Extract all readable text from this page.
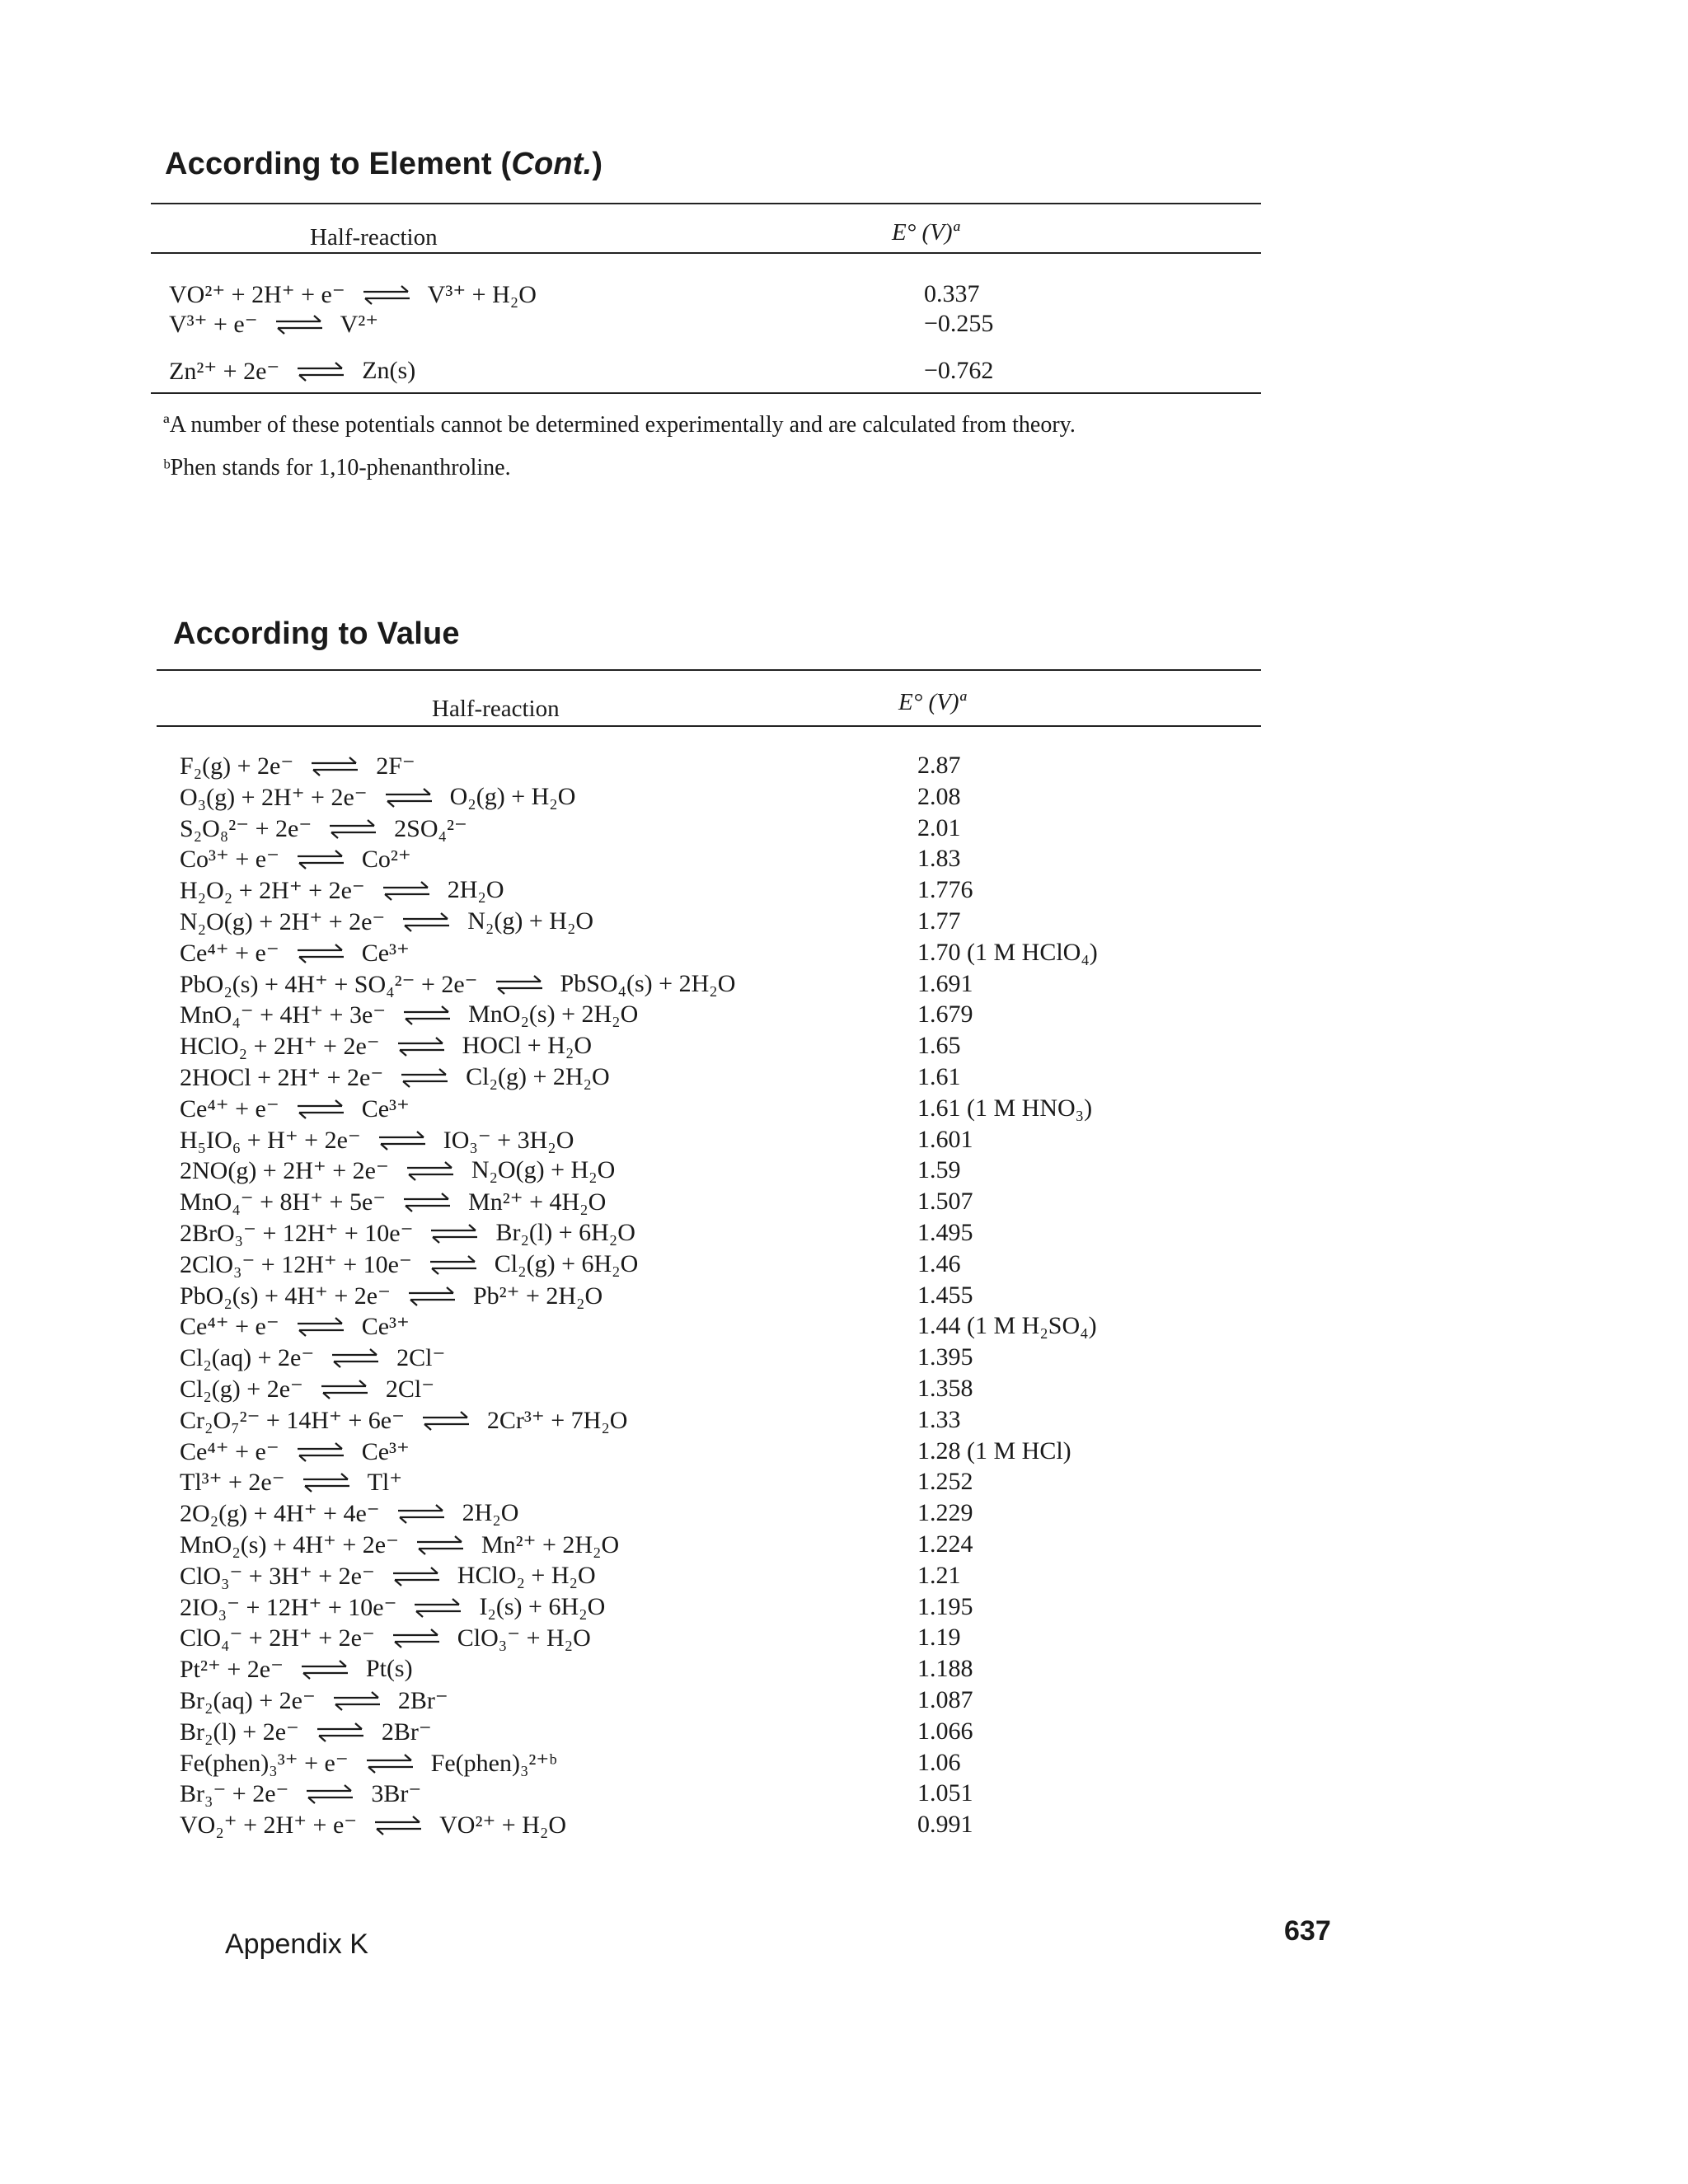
According to Element (Cont.)
Half-reaction	E° (V)ª
VO²⁺ + 2H⁺ + e⁻ ⇌ V³⁺ + H₂O	0.337
V³⁺ + e⁻ ⇌ V²⁺	−0.255
Zn²⁺ + 2e⁻ ⇌ Zn(s)	−0.762
ªA number of these potentials cannot be determined experimentally and are calculated from theory.
ᵇPhen stands for 1,10-phenanthroline.
According to Value
Half-reaction	E° (V)ª
F₂(g) + 2e⁻ ⇌ 2F⁻	2.87
O₃(g) + 2H⁺ + 2e⁻ ⇌ O₂(g) + H₂O	2.08
S₂O₈²⁻ + 2e⁻ ⇌ 2SO₄²⁻	2.01
Co³⁺ + e⁻ ⇌ Co²⁺	1.83
H₂O₂ + 2H⁺ + 2e⁻ ⇌ 2H₂O	1.776
N₂O(g) + 2H⁺ + 2e⁻ ⇌ N₂(g) + H₂O	1.77
Ce⁴⁺ + e⁻ ⇌ Ce³⁺	1.70 (1 M HClO₄)
PbO₂(s) + 4H⁺ + SO₄²⁻ + 2e⁻ ⇌ PbSO₄(s) + 2H₂O	1.691
MnO₄⁻ + 4H⁺ + 3e⁻ ⇌ MnO₂(s) + 2H₂O	1.679
HClO₂ + 2H⁺ + 2e⁻ ⇌ HOCl + H₂O	1.65
2HOCl + 2H⁺ + 2e⁻ ⇌ Cl₂(g) + 2H₂O	1.61
Ce⁴⁺ + e⁻ ⇌ Ce³⁺	1.61 (1 M HNO₃)
H₅IO₆ + H⁺ + 2e⁻ ⇌ IO₃⁻ + 3H₂O	1.601
2NO(g) + 2H⁺ + 2e⁻ ⇌ N₂O(g) + H₂O	1.59
MnO₄⁻ + 8H⁺ + 5e⁻ ⇌ Mn²⁺ + 4H₂O	1.507
2BrO₃⁻ + 12H⁺ + 10e⁻ ⇌ Br₂(l) + 6H₂O	1.495
2ClO₃⁻ + 12H⁺ + 10e⁻ ⇌ Cl₂(g) + 6H₂O	1.46
PbO₂(s) + 4H⁺ + 2e⁻ ⇌ Pb²⁺ + 2H₂O	1.455
Ce⁴⁺ + e⁻ ⇌ Ce³⁺	1.44 (1 M H₂SO₄)
Cl₂(aq) + 2e⁻ ⇌ 2Cl⁻	1.395
Cl₂(g) + 2e⁻ ⇌ 2Cl⁻	1.358
Cr₂O₇²⁻ + 14H⁺ + 6e⁻ ⇌ 2Cr³⁺ + 7H₂O	1.33
Ce⁴⁺ + e⁻ ⇌ Ce³⁺	1.28 (1 M HCl)
Tl³⁺ + 2e⁻ ⇌ Tl⁺	1.252
2O₂(g) + 4H⁺ + 4e⁻ ⇌ 2H₂O	1.229
MnO₂(s) + 4H⁺ + 2e⁻ ⇌ Mn²⁺ + 2H₂O	1.224
ClO₃⁻ + 3H⁺ + 2e⁻ ⇌ HClO₂ + H₂O	1.21
2IO₃⁻ + 12H⁺ + 10e⁻ ⇌ I₂(s) + 6H₂O	1.195
ClO₄⁻ + 2H⁺ + 2e⁻ ⇌ ClO₃⁻ + H₂O	1.19
Pt²⁺ + 2e⁻ ⇌ Pt(s)	1.188
Br₂(aq) + 2e⁻ ⇌ 2Br⁻	1.087
Br₂(l) + 2e⁻ ⇌ 2Br⁻	1.066
Fe(phen)₃³⁺ + e⁻ ⇌ Fe(phen)₃²⁺ᵇ	1.06
Br₃⁻ + 2e⁻ ⇌ 3Br⁻	1.051
VO₂⁺ + 2H⁺ + e⁻ ⇌ VO²⁺ + H₂O	0.991
Appendix K	637
